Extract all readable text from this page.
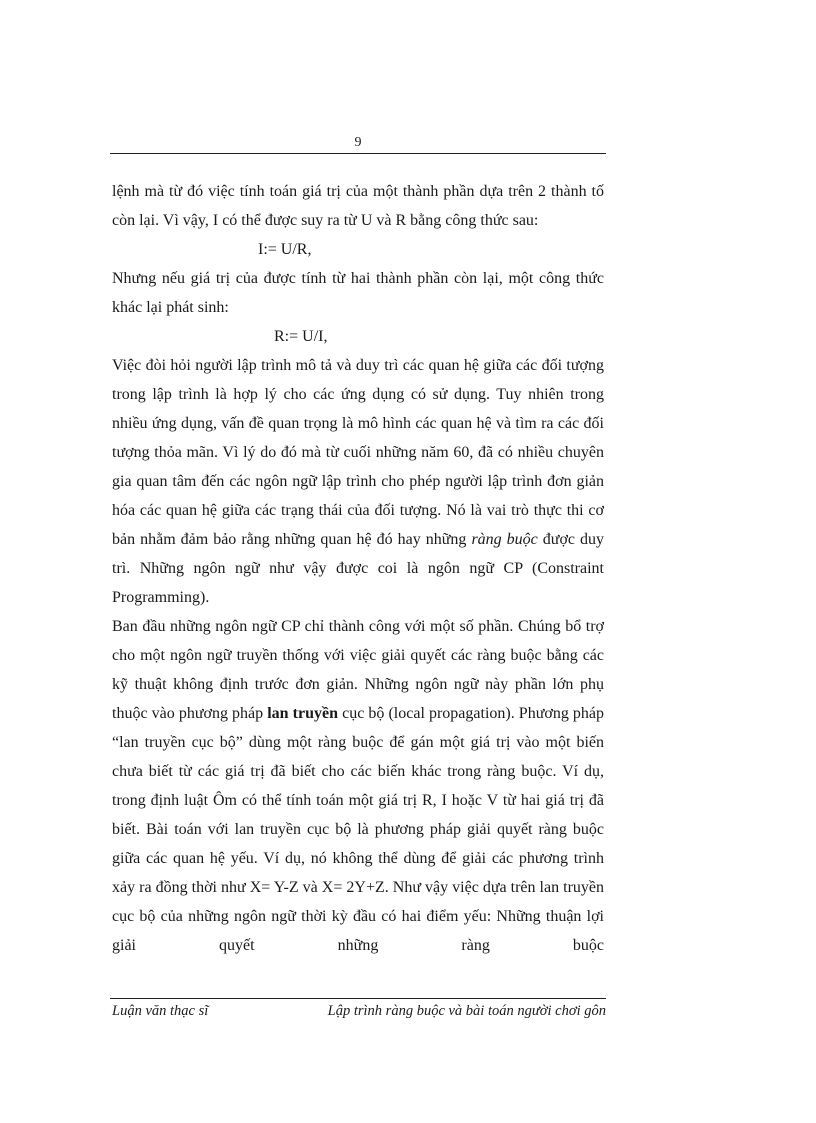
9

lệnh mà từ đó việc tính toán giá trị của một thành phần dựa trên 2 thành tố còn lại. Vì vậy, I có thể được suy ra từ U và R bằng công thức sau:

I:= U/R,

Nhưng nếu giá trị của được tính từ hai thành phần còn lại, một công thức khác lại phát sinh:

R:= U/I,

Việc đòi hỏi người lập trình mô tả và duy trì các quan hệ giữa các đối tượng trong lập trình là hợp lý cho các ứng dụng có sử dụng. Tuy nhiên trong nhiều ứng dụng, vấn đề quan trọng là mô hình các quan hệ và tìm ra các đối tượng thỏa mãn. Vì lý do đó mà từ cuối những năm 60, đã có nhiều chuyên gia quan tâm đến các ngôn ngữ lập trình cho phép người lập trình đơn giản hóa các quan hệ giữa các trạng thái của đối tượng. Nó là vai trò thực thi cơ bản nhằm đảm bảo rằng những quan hệ đó hay những ràng buộc được duy trì. Những ngôn ngữ như vậy được coi là ngôn ngữ CP (Constraint Programming).

Ban đầu những ngôn ngữ CP chỉ thành công với một số phần. Chúng bổ trợ cho một ngôn ngữ truyền thống với việc giải quyết các ràng buộc bằng các kỹ thuật không định trước đơn giản. Những ngôn ngữ này phần lớn phụ thuộc vào phương pháp lan truyền cục bộ (local propagation). Phương pháp “lan truyền cục bộ” dùng một ràng buộc để gán một giá trị vào một biến chưa biết từ các giá trị đã biết cho các biến khác trong ràng buộc. Ví dụ, trong định luật Ôm có thể tính toán một giá trị R, I hoặc V từ hai giá trị đã biết. Bài toán với lan truyền cục bộ là phương pháp giải quyết ràng buộc giữa các quan hệ yếu. Ví dụ, nó không thể dùng để giải các phương trình xảy ra đồng thời như X= Y-Z và X= 2Y+Z. Như vậy việc dựa trên lan truyền cục bộ của những ngôn ngữ thời kỳ đầu có hai điểm yếu: Những thuận lợi giải quyết những ràng buộc

Luận văn thạc sĩ	Lập trình ràng buộc và bài toán người chơi gôn
